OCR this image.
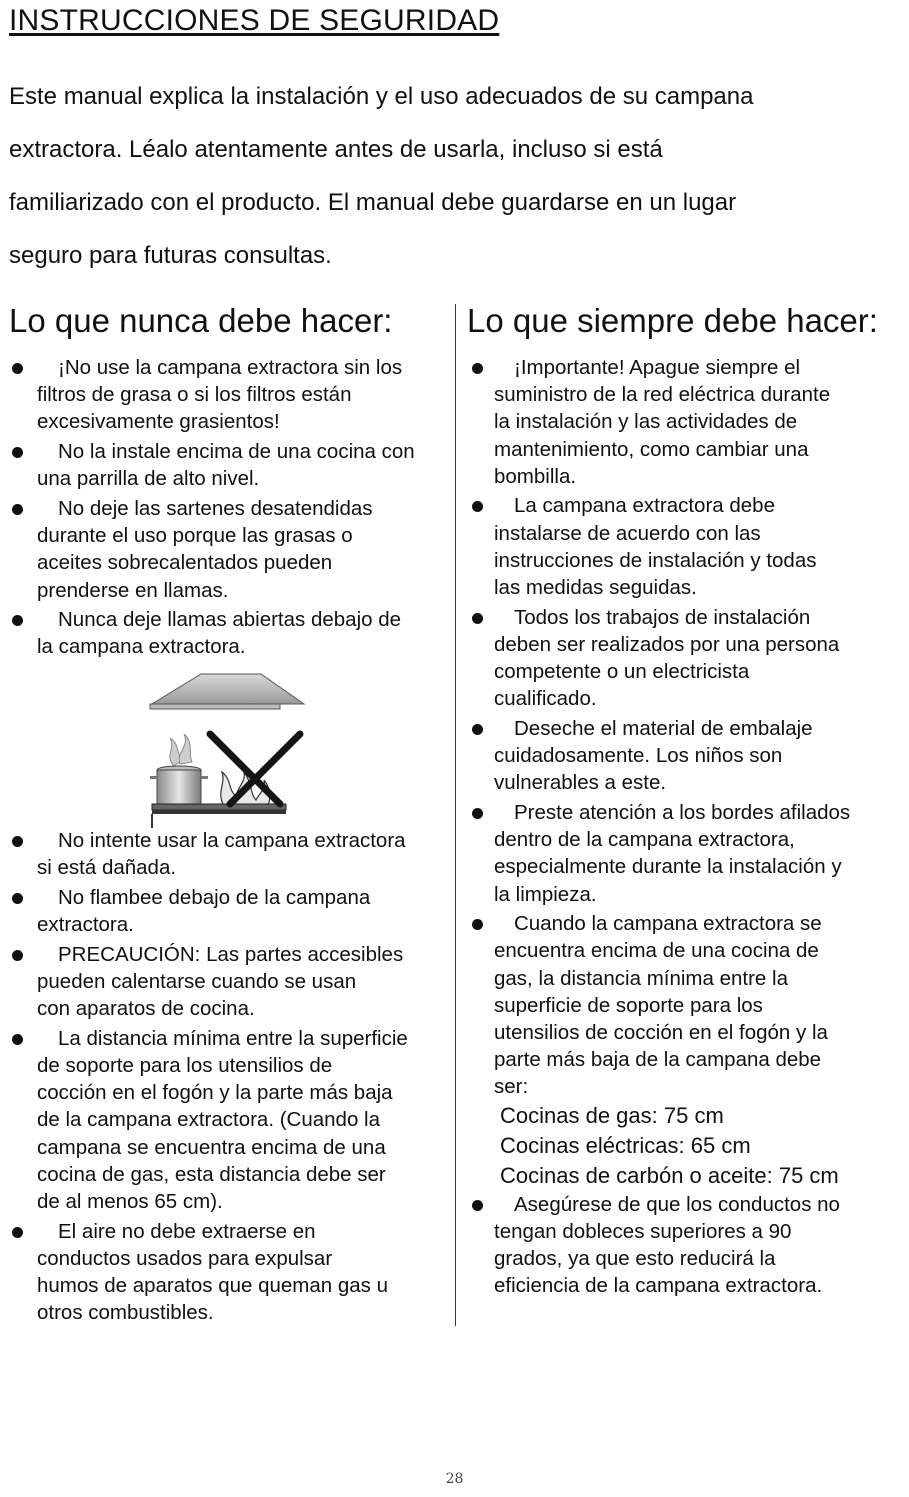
INSTRUCCIONES DE SEGURIDAD
Este manual explica la instalación y el uso adecuados de su campana
extractora. Léalo atentamente antes de usarla, incluso si está
familiarizado con el producto. El manual debe guardarse en un lugar
seguro para futuras consultas.
Lo que nunca debe hacer: Lo que siempre debe hacer:
¡No use la campana extractora sin los
filtros de grasa o si los filtros están
excesivamente grasientos!
No la instale encima de una cocina con
una parrilla de alto nivel.
No deje las sartenes desatendidas
durante el uso porque las grasas o
aceites sobrecalentados pueden
prenderse en llamas.
Nunca deje llamas abiertas debajo de
la campana extractora.
No intente usar la campana extractora
si está dañada.
No flambee debajo de la campana
extractora.
PRECAUCIÓN: Las partes accesibles
pueden calentarse cuando se usan
con aparatos de cocina.
La distancia mínima entre la superficie
de soporte para los utensilios de
cocción en el fogón y la parte más baja
de la campana extractora. (Cuando la
campana se encuentra encima de una
cocina de gas, esta distancia debe ser
de al menos 65 cm).
El aire no debe extraerse en
conductos usados para expulsar
humos de aparatos que queman gas u
otros combustibles.
¡Importante! Apague siempre el
suministro de la red eléctrica durante
la instalación y las actividades de
mantenimiento, como cambiar una
bombilla.
La campana extractora debe
instalarse de acuerdo con las
instrucciones de instalación y todas
las medidas seguidas.
Todos los trabajos de instalación
deben ser realizados por una persona
competente o un electricista
cualificado.
Deseche el material de embalaje
cuidadosamente. Los niños son
vulnerables a este.
Preste atención a los bordes afilados
dentro de la campana extractora,
especialmente durante la instalación y
la limpieza.
Cuando la campana extractora se
encuentra encima de una cocina de
gas, la distancia mínima entre la
superficie de soporte para los
utensilios de cocción en el fogón y la
parte más baja de la campana debe
ser:
Cocinas de gas: 75 cm
Cocinas eléctricas: 65 cm
Cocinas de carbón o aceite: 75 cm
Asegúrese de que los conductos no
tengan dobleces superiores a 90
grados, ya que esto reducirá la
eficiencia de la campana extractora.
28
